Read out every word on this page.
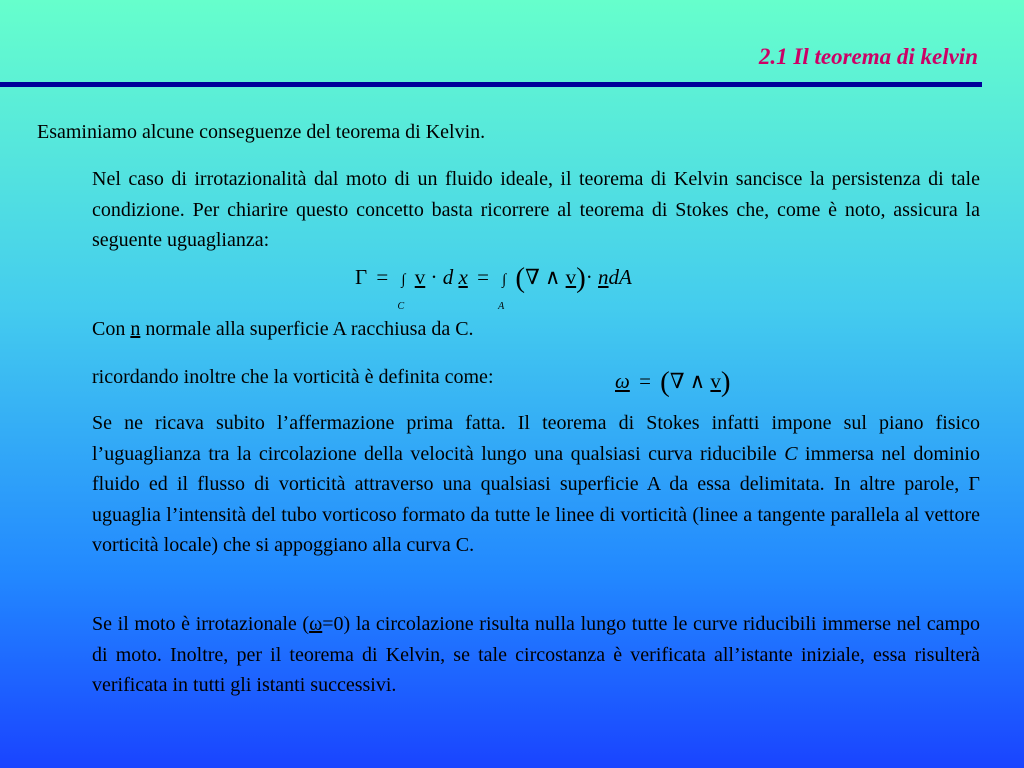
2.1 Il teorema di kelvin
Esaminiamo alcune conseguenze del teorema di Kelvin.
Nel caso di irrotazionalità dal moto di un fluido ideale, il teorema di Kelvin sancisce la persistenza di tale condizione. Per chiarire questo concetto basta ricorrere al teorema di Stokes che, come è noto, assicura la seguente uguaglianza:
Γ = ∫
C
v · d x = ∫
A
(∇ ∧ v)· ndA
Con n normale alla superficie A racchiusa da C.
ricordando inoltre che la vorticità è definita come:	ω = (∇ ∧ v)
Se ne ricava subito l’affermazione prima fatta. Il teorema di Stokes infatti impone sul piano fisico l’uguaglianza tra la circolazione della velocità lungo una qualsiasi curva riducibile C immersa nel dominio fluido ed il flusso di vorticità attraverso una qualsiasi superficie A da essa delimitata. In altre parole, Γ uguaglia l’intensità del tubo vorticoso formato da tutte le linee di vorticità (linee a tangente parallela al vettore vorticità locale) che si appoggiano alla curva C.
Se il moto è irrotazionale (ω=0) la circolazione risulta nulla lungo tutte le curve riducibili immerse nel campo di moto. Inoltre, per il teorema di Kelvin, se tale circostanza è verificata all’istante iniziale, essa risulterà verificata in tutti gli istanti successivi.
